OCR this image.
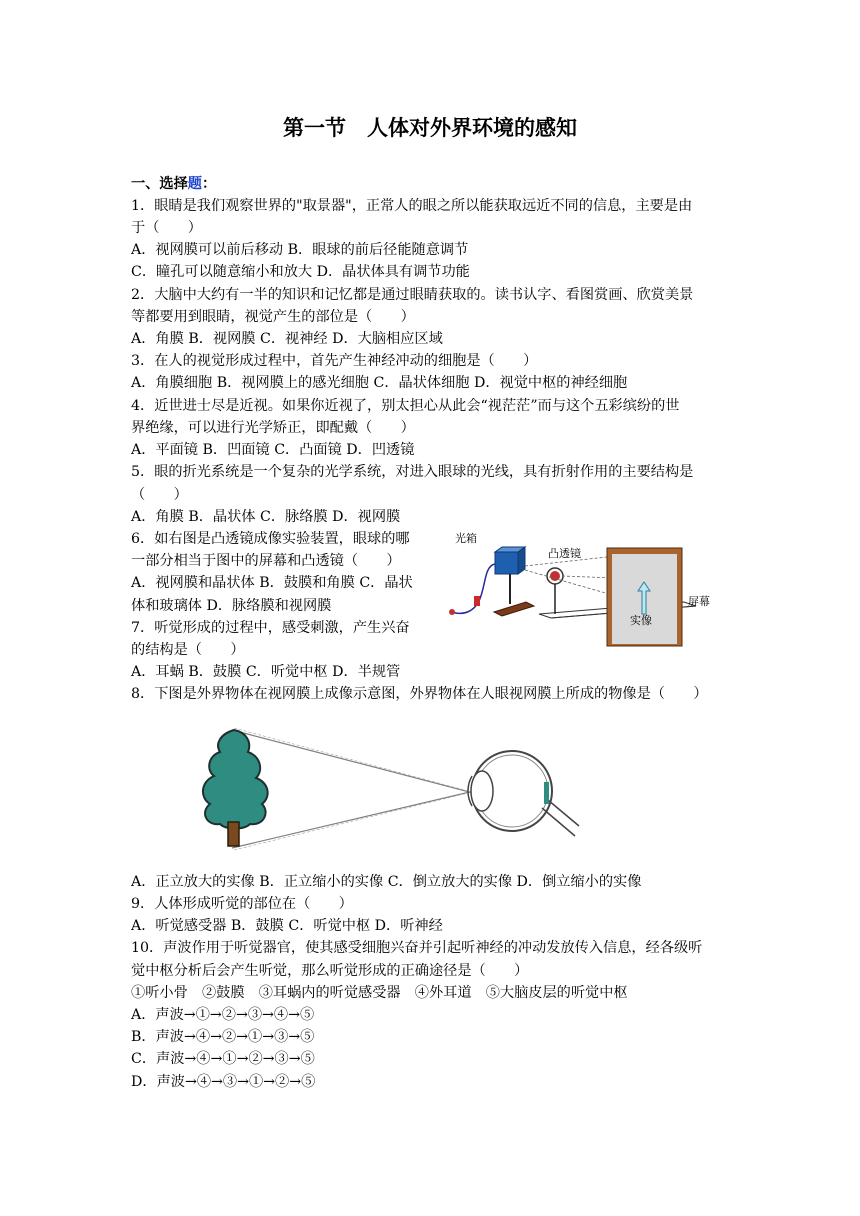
第一节　人体对外界环境的感知
一、选择题：
1．眼睛是我们观察世界的"取景器"，正常人的眼之所以能获取远近不同的信息，主要是由
于（　　）
A．视网膜可以前后移动 B．眼球的前后径能随意调节
C．瞳孔可以随意缩小和放大 D．晶状体具有调节功能
2．大脑中大约有一半的知识和记忆都是通过眼睛获取的。读书认字、看图赏画、欣赏美景
等都要用到眼睛，视觉产生的部位是（　　）
A．角膜 B．视网膜 C．视神经 D．大脑相应区域
3．在人的视觉形成过程中，首先产生神经冲动的细胞是（　　）
A．角膜细胞 B．视网膜上的感光细胞 C．晶状体细胞 D．视觉中枢的神经细胞
4．近世进士尽是近视。如果你近视了，别太担心从此会“视茫茫”而与这个五彩缤纷的世
界绝缘，可以进行光学矫正，即配戴（　　）
A．平面镜 B．凹面镜 C．凸面镜 D．凹透镜
5．眼的折光系统是一个复杂的光学系统，对进入眼球的光线，具有折射作用的主要结构是
（　　）
A．角膜 B．晶状体 C．脉络膜 D．视网膜
6．如右图是凸透镜成像实验装置，眼球的哪
一部分相当于图中的屏幕和凸透镜（　　）
A．视网膜和晶状体 B．鼓膜和角膜 C．晶状
体和玻璃体 D．脉络膜和视网膜
7．听觉形成的过程中，感受刺激，产生兴奋
的结构是（　　）
A．耳蜗 B．鼓膜 C．听觉中枢 D．半规管
8．下图是外界物体在视网膜上成像示意图，外界物体在人眼视网膜上所成的物像是（　　）
A．正立放大的实像 B．正立缩小的实像 C．倒立放大的实像 D．倒立缩小的实像
9．人体形成听觉的部位在（　　）
A．听觉感受器 B．鼓膜 C．听觉中枢 D．听神经
10．声波作用于听觉器官，使其感受细胞兴奋并引起听神经的冲动发放传入信息，经各级听
觉中枢分析后会产生听觉，那么听觉形成的正确途径是（　　）
①听小骨　②鼓膜　③耳蜗内的听觉感受器　④外耳道　⑤大脑皮层的听觉中枢
A．声波→①→②→③→④→⑤
B．声波→④→②→①→③→⑤
C．声波→④→①→②→③→⑤
D．声波→④→③→①→②→⑤
光箱
凸透镜
屏幕
实像
